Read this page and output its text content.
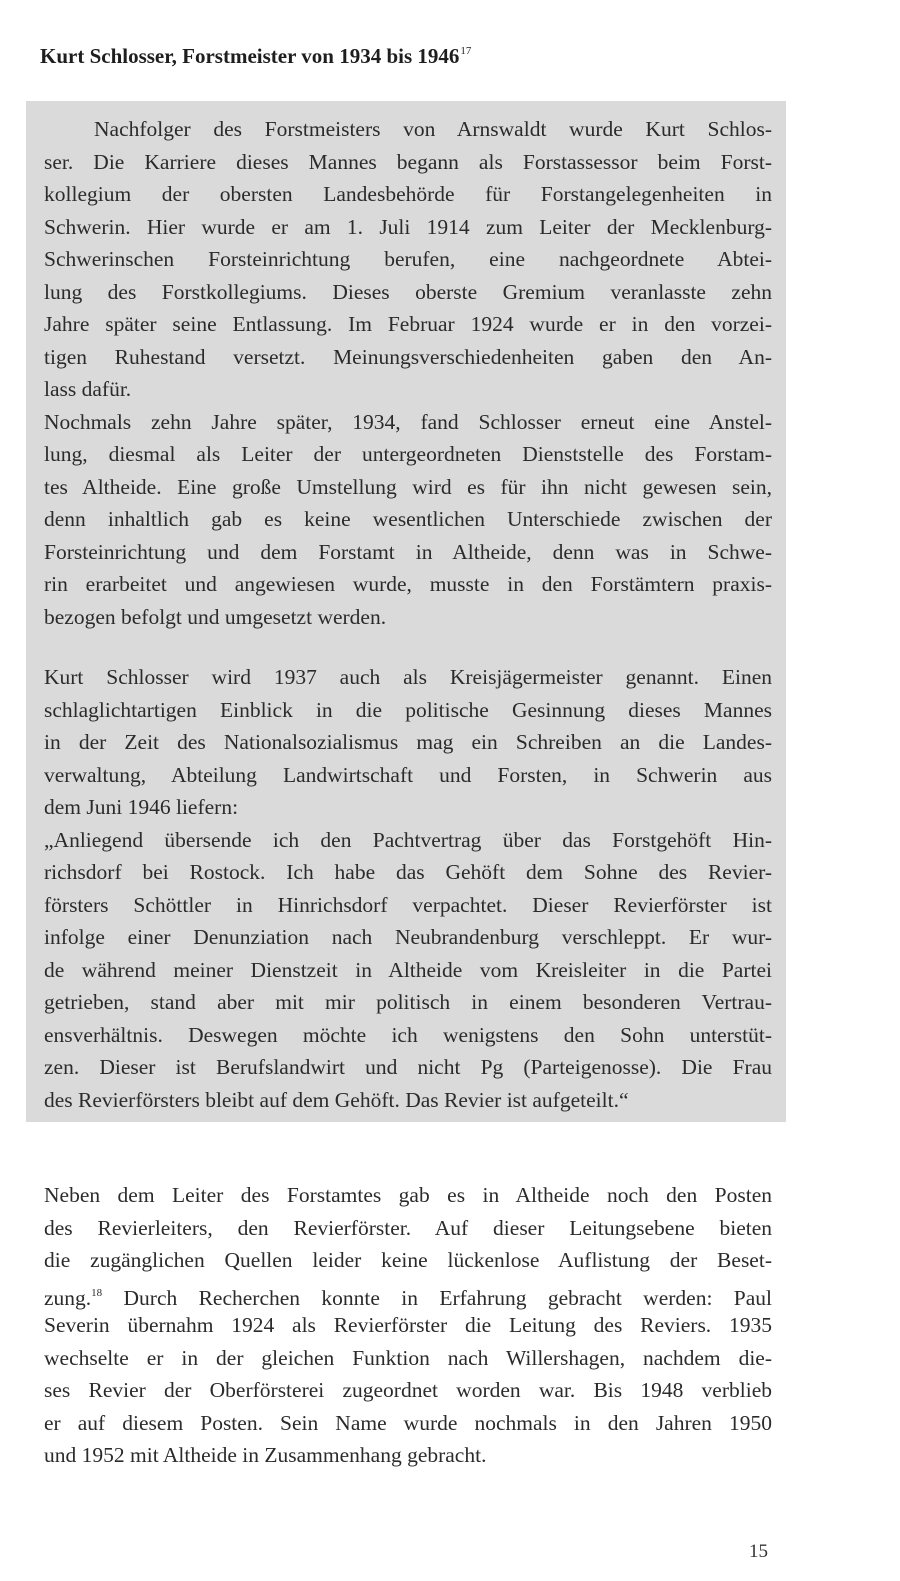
Kurt Schlosser, Forstmeister von 1934 bis 1946$^{17}$
Nachfolger des Forstmeisters von Arnswaldt wurde Kurt Schlos-
ser. Die Karriere dieses Mannes begann als Forstassessor beim Forst-
kollegium der obersten Landesbehörde für Forstangelegenheiten in
Schwerin. Hier wurde er am 1. Juli 1914 zum Leiter der Mecklenburg-
Schwerinschen Forsteinrichtung berufen, eine nachgeordnete Abtei-
lung des Forstkollegiums. Dieses oberste Gremium veranlasste zehn
Jahre später seine Entlassung. Im Februar 1924 wurde er in den vorzei-
tigen Ruhestand versetzt. Meinungsverschiedenheiten gaben den An-
lass dafür.
Nochmals zehn Jahre später, 1934, fand Schlosser erneut eine Anstel-
lung, diesmal als Leiter der untergeordneten Dienststelle des Forstam-
tes Altheide. Eine große Umstellung wird es für ihn nicht gewesen sein,
denn inhaltlich gab es keine wesentlichen Unterschiede zwischen der
Forsteinrichtung und dem Forstamt in Altheide, denn was in Schwe-
rin erarbeitet und angewiesen wurde, musste in den Forstämtern praxis-
bezogen befolgt und umgesetzt werden.
Kurt Schlosser wird 1937 auch als Kreisjägermeister genannt. Einen
schlaglichtartigen Einblick in die politische Gesinnung dieses Mannes
in der Zeit des Nationalsozialismus mag ein Schreiben an die Landes-
verwaltung, Abteilung Landwirtschaft und Forsten, in Schwerin aus
dem Juni 1946 liefern:
„Anliegend übersende ich den Pachtvertrag über das Forstgehöft Hin-
richsdorf bei Rostock. Ich habe das Gehöft dem Sohne des Revier-
försters Schöttler in Hinrichsdorf verpachtet. Dieser Revierförster ist
infolge einer Denunziation nach Neubrandenburg verschleppt. Er wur-
de während meiner Dienstzeit in Altheide vom Kreisleiter in die Partei
getrieben, stand aber mit mir politisch in einem besonderen Vertrau-
ensverhältnis. Deswegen möchte ich wenigstens den Sohn unterstüt-
zen. Dieser ist Berufslandwirt und nicht Pg (Parteigenosse). Die Frau
des Revierförsters bleibt auf dem Gehöft. Das Revier ist aufgeteilt.“
Neben dem Leiter des Forstamtes gab es in Altheide noch den Posten
des Revierleiters, den Revierförster. Auf dieser Leitungsebene bieten
die zugänglichen Quellen leider keine lückenlose Auflistung der Beset-
zung.$^{18}$ Durch Recherchen konnte in Erfahrung gebracht werden: Paul
Severin übernahm 1924 als Revierförster die Leitung des Reviers. 1935
wechselte er in der gleichen Funktion nach Willershagen, nachdem die-
ses Revier der Oberförsterei zugeordnet worden war. Bis 1948 verblieb
er auf diesem Posten. Sein Name wurde nochmals in den Jahren 1950
und 1952 mit Altheide in Zusammenhang gebracht.
15
